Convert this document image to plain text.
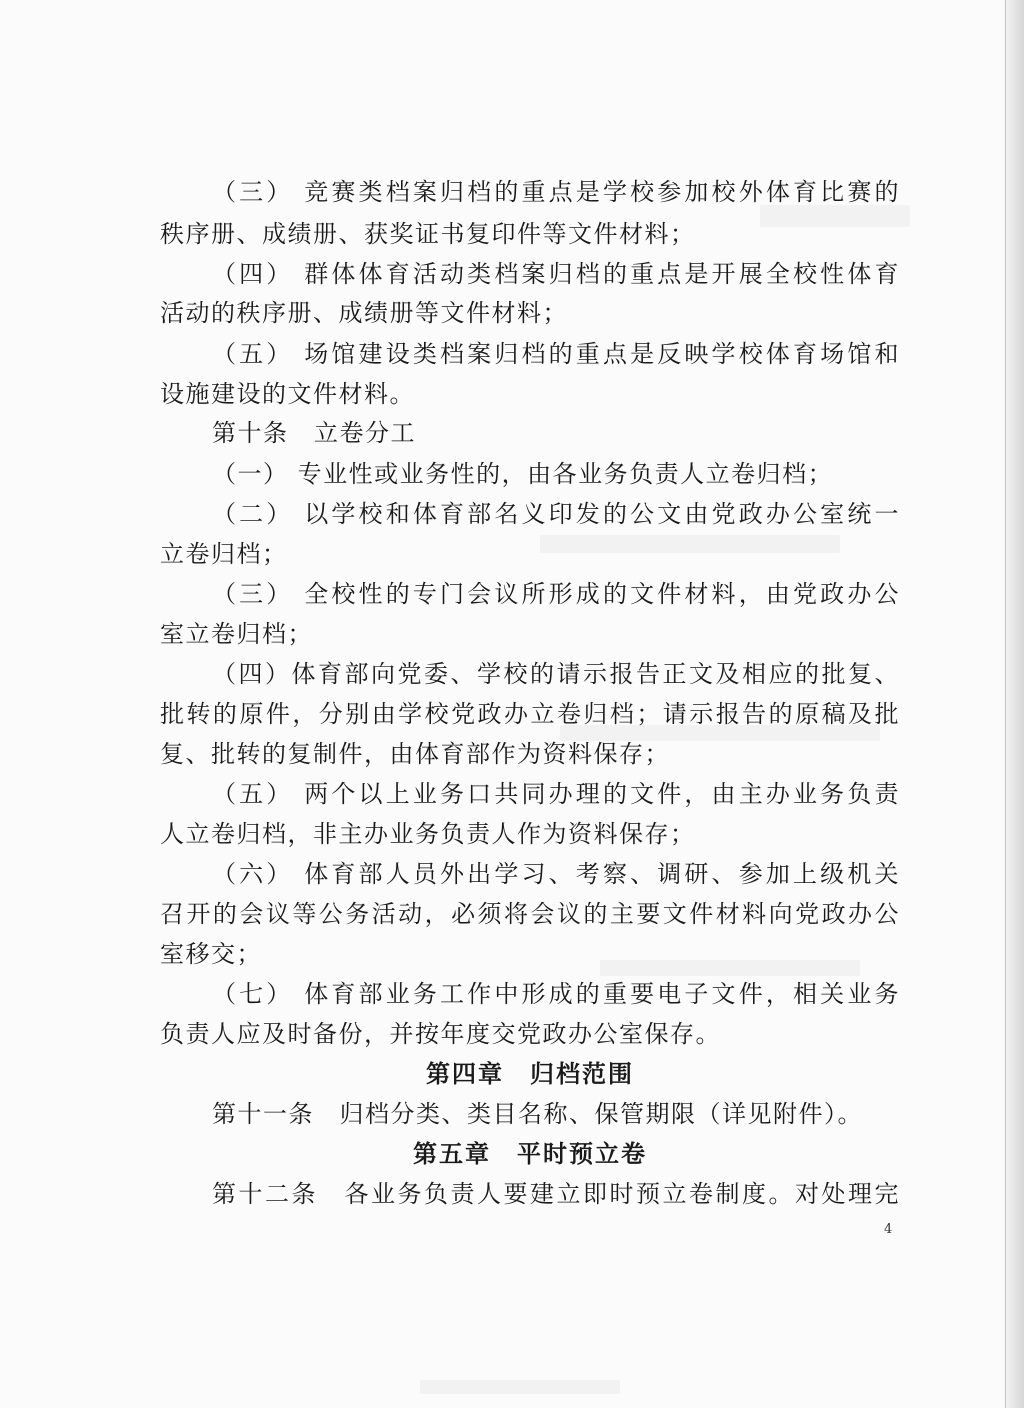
（三） 竞赛类档案归档的重点是学校参加校外体育比赛的
秩序册、成绩册、获奖证书复印件等文件材料；
（四） 群体体育活动类档案归档的重点是开展全校性体育
活动的秩序册、成绩册等文件材料；
（五） 场馆建设类档案归档的重点是反映学校体育场馆和
设施建设的文件材料。
第十条　立卷分工
（一） 专业性或业务性的，由各业务负责人立卷归档；
（二） 以学校和体育部名义印发的公文由党政办公室统一
立卷归档；
（三） 全校性的专门会议所形成的文件材料，由党政办公
室立卷归档；
（四）体育部向党委、学校的请示报告正文及相应的批复、
批转的原件，分别由学校党政办立卷归档；请示报告的原稿及批
复、批转的复制件，由体育部作为资料保存；
（五） 两个以上业务口共同办理的文件，由主办业务负责
人立卷归档，非主办业务负责人作为资料保存；
（六） 体育部人员外出学习、考察、调研、参加上级机关
召开的会议等公务活动，必须将会议的主要文件材料向党政办公
室移交；
（七） 体育部业务工作中形成的重要电子文件，相关业务
负责人应及时备份，并按年度交党政办公室保存。
第四章　归档范围
第十一条　归档分类、类目名称、保管期限（详见附件）。
第五章　平时预立卷
第十二条　各业务负责人要建立即时预立卷制度。对处理完
4
